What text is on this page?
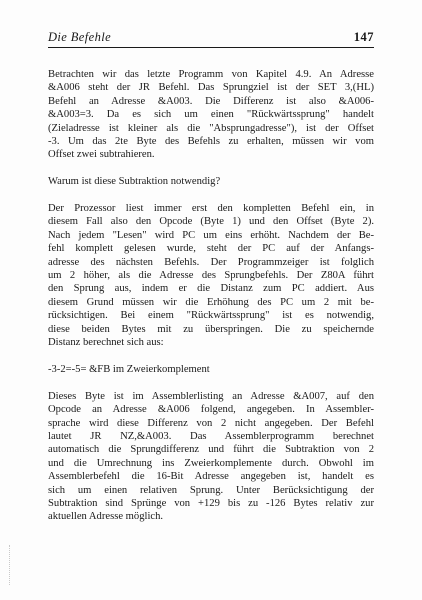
Die Befehle	147

Betrachten wir das letzte Programm von Kapitel 4.9. An Adresse
&A006 steht der JR Befehl. Das Sprungziel ist der SET 3,(HL)
Befehl an Adresse &A003. Die Differenz ist also &A006-
&A003=3. Da es sich um einen "Rückwärtssprung" handelt
(Zieladresse ist kleiner als die "Absprungadresse"), ist der Offset
-3. Um das 2te Byte des Befehls zu erhalten, müssen wir vom
Offset zwei subtrahieren.

Warum ist diese Subtraktion notwendig?

Der Prozessor liest immer erst den kompletten Befehl ein, in
diesem Fall also den Opcode (Byte 1) und den Offset (Byte 2).
Nach jedem "Lesen" wird PC um eins erhöht. Nachdem der Be-
fehl komplett gelesen wurde, steht der PC auf der Anfangs-
adresse des nächsten Befehls. Der Programmzeiger ist folglich
um 2 höher, als die Adresse des Sprungbefehls. Der Z80A führt
den Sprung aus, indem er die Distanz zum PC addiert. Aus
diesem Grund müssen wir die Erhöhung des PC um 2 mit be-
rücksichtigen. Bei einem "Rückwärtssprung" ist es notwendig,
diese beiden Bytes mit zu überspringen. Die zu speichernde
Distanz berechnet sich aus:

-3-2=-5= &FB im Zweierkomplement

Dieses Byte ist im Assemblerlisting an Adresse &A007, auf den
Opcode an Adresse &A006 folgend, angegeben. In Assembler-
sprache wird diese Differenz von 2 nicht angegeben. Der Befehl
lautet JR NZ,&A003. Das Assemblerprogramm berechnet
automatisch die Sprungdifferenz und führt die Subtraktion von 2
und die Umrechnung ins Zweierkomplemente durch. Obwohl im
Assemblerbefehl die 16-Bit Adresse angegeben ist, handelt es
sich um einen relativen Sprung. Unter Berücksichtigung der
Subtraktion sind Sprünge von +129 bis zu -126 Bytes relativ zur
aktuellen Adresse möglich.
